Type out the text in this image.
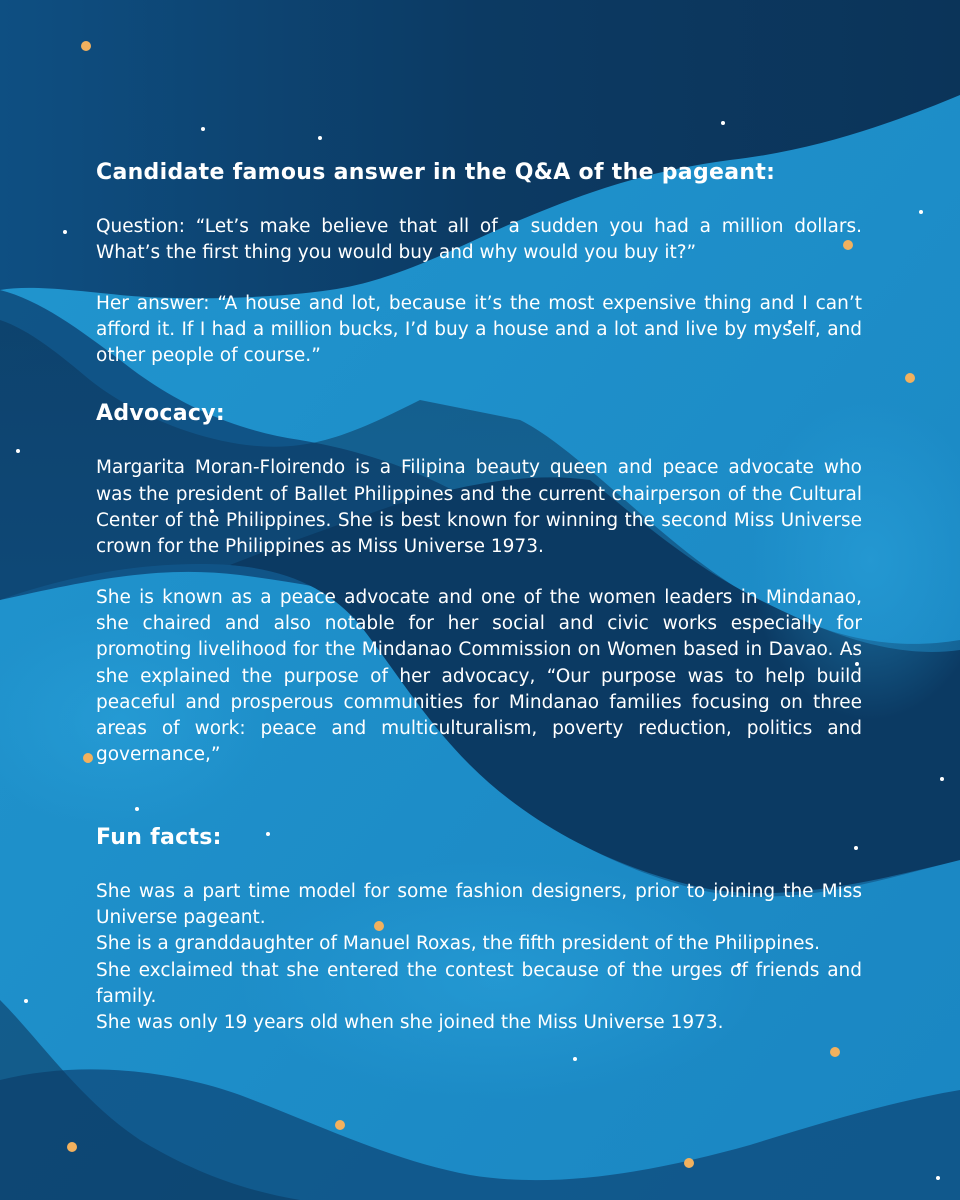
Candidate famous answer in the Q&A of the pageant:

Question: “Let’s make believe that all of a sudden you had a million dollars. What’s the first thing you would buy and why would you buy it?”

Her answer: “A house and lot, because it’s the most expensive thing and I can’t afford it. If I had a million bucks, I’d buy a house and a lot and live by myself, and other people of course.”

Advocacy:

Margarita Moran-Floirendo is a Filipina beauty queen and peace advocate who was the president of Ballet Philippines and the current chairperson of the Cultural Center of the Philippines. She is best known for winning the second Miss Universe crown for the Philippines as Miss Universe 1973.

She is known as a peace advocate and one of the women leaders in Mindanao, she chaired and also notable for her social and civic works especially for promoting livelihood for the Mindanao Commission on Women based in Davao. As she explained the purpose of her advocacy, “Our purpose was to help build peaceful and prosperous communities for Mindanao families focusing on three areas of work: peace and multiculturalism, poverty reduction, politics and governance,”

Fun facts:

She was a part time model for some fashion designers, prior to joining the Miss Universe pageant.

She is a granddaughter of Manuel Roxas, the fifth president of the Philippines.

She exclaimed that she entered the contest because of the urges of friends and family.

She was only 19 years old when she joined the Miss Universe 1973.
